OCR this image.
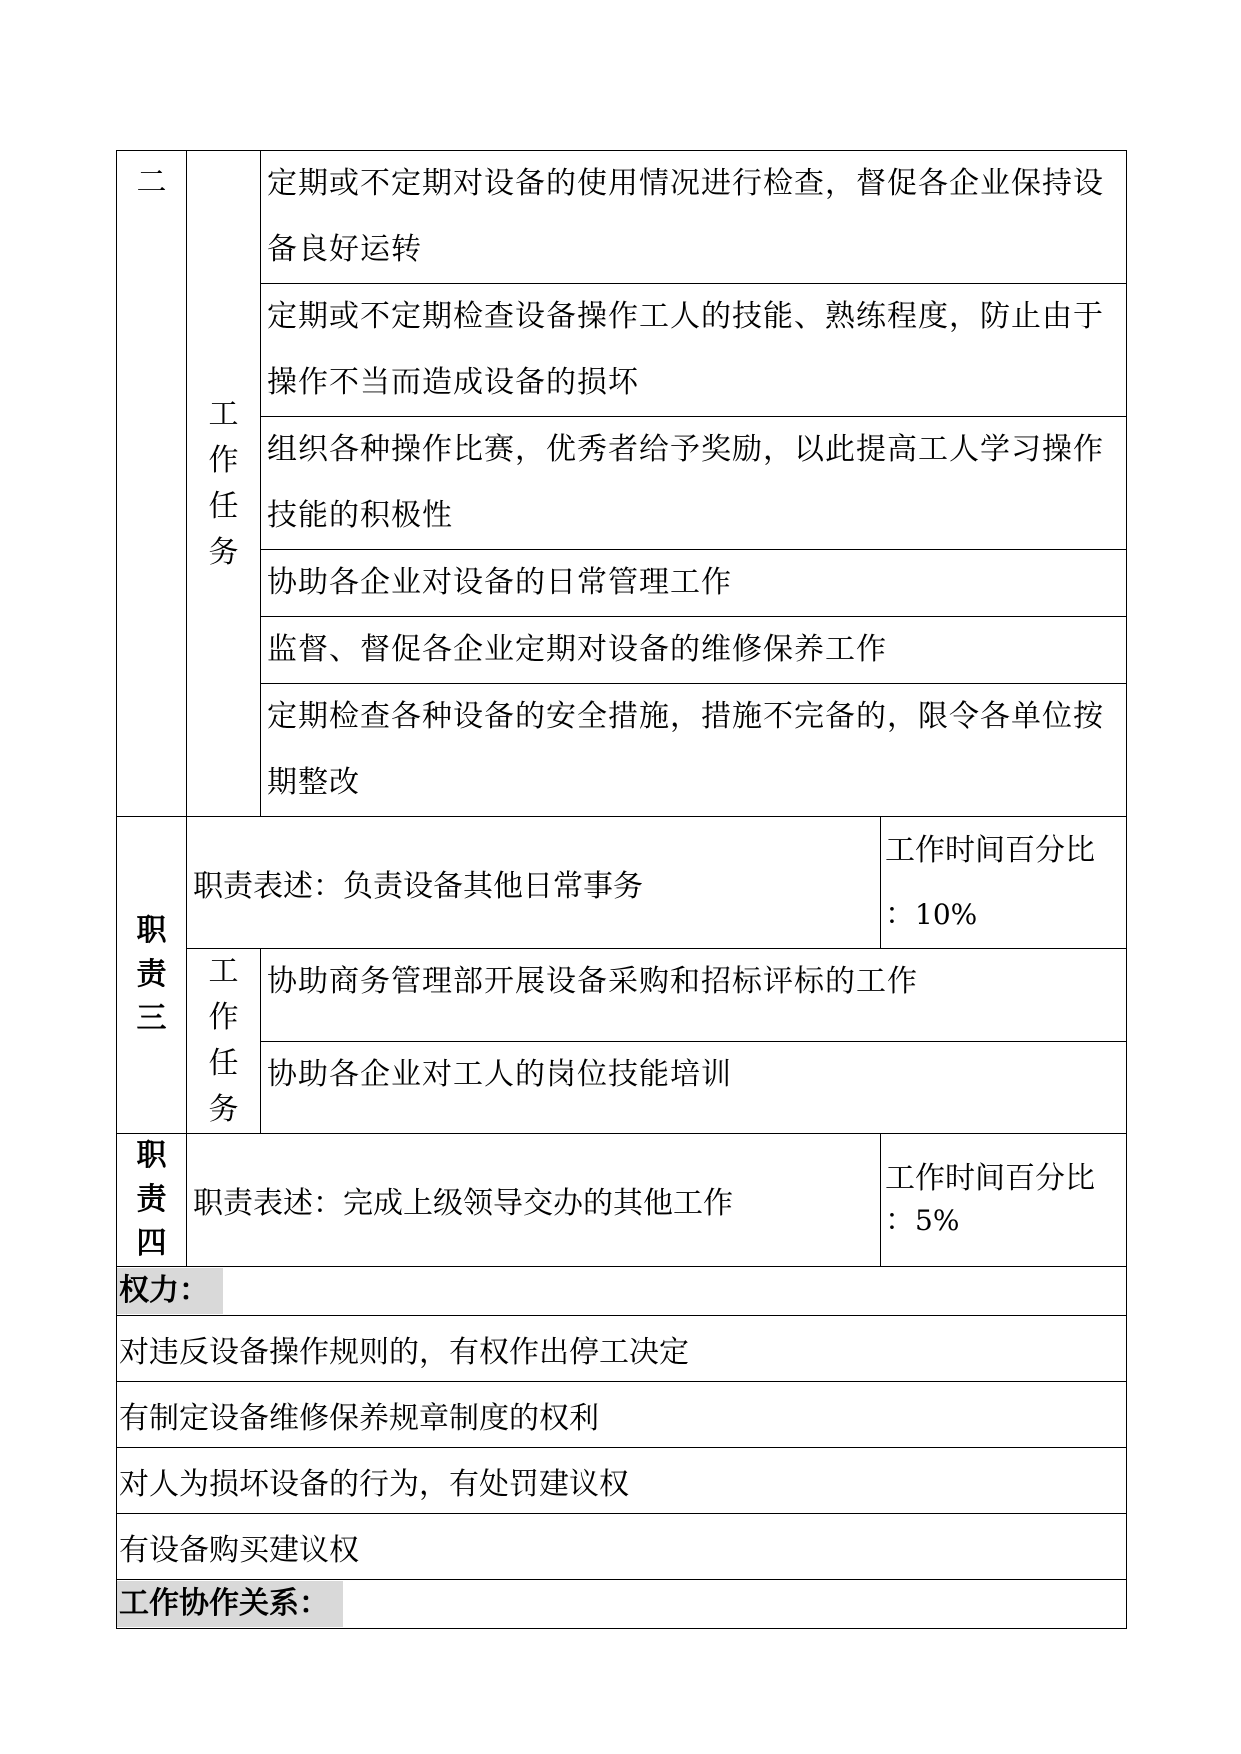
二	工作任务	定期或不定期对设备的使用情况进行检查，督促各企业保持设备良好运转	
		定期或不定期检查设备操作工人的技能、熟练程度，防止由于操作不当而造成设备的损坏	
		组织各种操作比赛，优秀者给予奖励，以此提高工人学习操作技能的积极性	
		协助各企业对设备的日常管理工作	
		监督、督促各企业定期对设备的维修保养工作	
		定期检查各种设备的安全措施，措施不完备的，限令各单位按期整改	

职责三	职责表述：负责设备其他日常事务		工作时间百分比
：10%

	工作任务	协助商务管理部开展设备采购和招标评标的工作	
		协助各企业对工人的岗位技能培训	

职责四	职责表述：完成上级领导交办的其他工作		工作时间百分比
：5%

权力：			
对违反设备操作规则的，有权作出停工决定			
有制定设备维修保养规章制度的权利			
对人为损坏设备的行为，有处罚建议权			
有设备购买建议权			
工作协作关系：			
